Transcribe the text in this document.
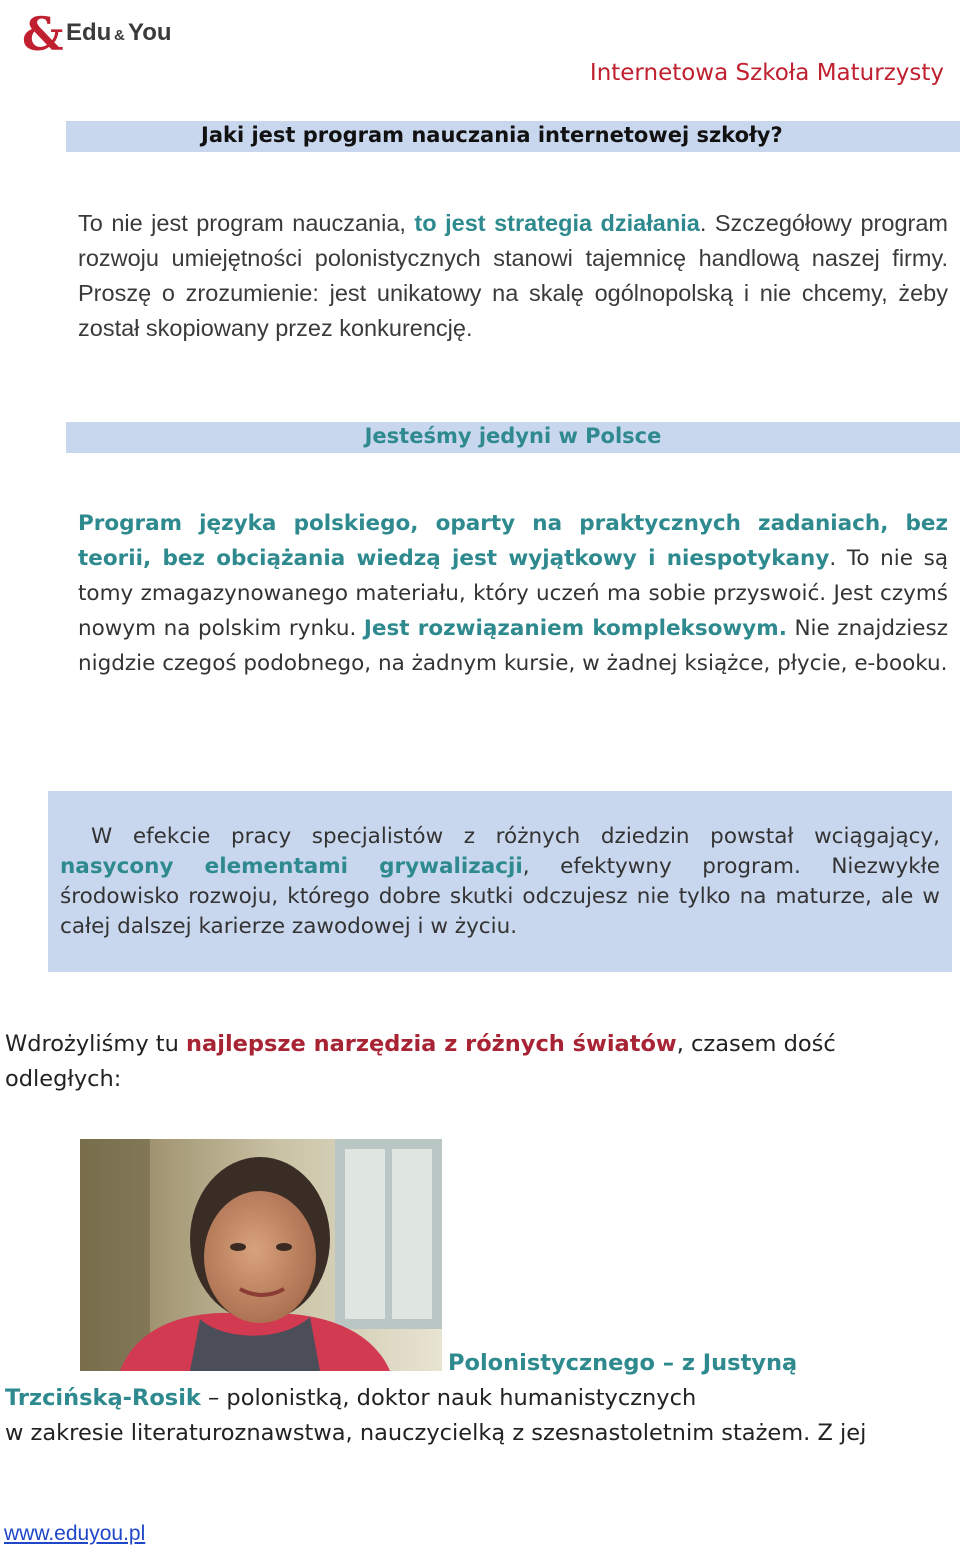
& Edu & You
Internetowa Szkoła Maturzysty
Jaki jest program nauczania internetowej szkoły?
To nie jest program nauczania, to jest strategia działania. Szczegółowy program rozwoju umiejętności polonistycznych stanowi tajemnicę handlową naszej firmy. Proszę o zrozumienie: jest unikatowy na skalę ogólnopolską i nie chcemy, żeby został skopiowany przez konkurencję.
Jesteśmy jedyni w Polsce
Program języka polskiego, oparty na praktycznych zadaniach, bez teorii, bez obciążania wiedzą jest wyjątkowy i niespotykany. To nie są tomy zmagazynowanego materiału, który uczeń ma sobie przyswoić. Jest czymś nowym na polskim rynku. Jest rozwiązaniem kompleksowym. Nie znajdziesz nigdzie czegoś podobnego, na żadnym kursie, w żadnej książce, płycie, e-booku.
W efekcie pracy specjalistów z różnych dziedzin powstał wciągający, nasycony elementami grywalizacji, efektywny program. Niezwykłe środowisko rozwoju, którego dobre skutki odczujesz nie tylko na maturze, ale w całej dalszej karierze zawodowej i w życiu.
Wdrożyliśmy tu najlepsze narzędzia z różnych światów, czasem dość odległych:
Polonistycznego – z Justyną
Trzcińską-Rosik – polonistką, doktor nauk humanistycznych
w zakresie literaturoznawstwa, nauczycielką z szesnastoletnim stażem. Z jej
www.eduyou.pl
